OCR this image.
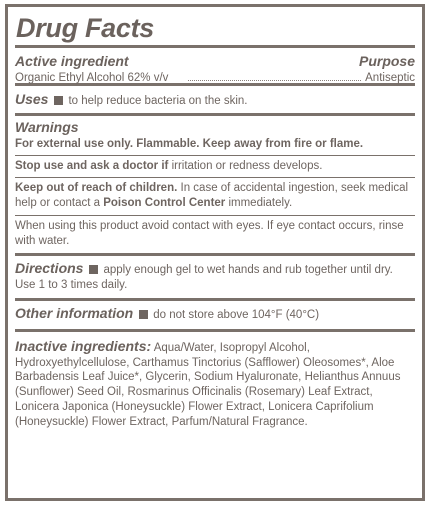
Drug Facts
Active ingredient	Purpose
Organic Ethyl Alcohol 62% v/v	Antiseptic
Uses to help reduce bacteria on the skin.
Warnings

For external use only. Flammable. Keep away from fire or flame.

Stop use and ask a doctor if irritation or redness develops.
Keep out of reach of children. In case of accidental ingestion, seek medical help or contact a Poison Control Center immediately.
When using this product avoid contact with eyes. If eye contact occurs, rinse with water.
Directions apply enough gel to wet hands and rub together until dry. Use 1 to 3 times daily.
Other information do not store above 104°F (40°C)
Inactive ingredients: Aqua/Water, Isopropyl Alcohol, Hydroxyethylcellulose, Carthamus Tinctorius (Safflower) Oleosomes*, Aloe Barbadensis Leaf Juice*, Glycerin, Sodium Hyaluronate, Helianthus Annuus (Sunflower) Seed Oil, Rosmarinus Officinalis (Rosemary) Leaf Extract, Lonicera Japonica (Honeysuckle) Flower Extract, Lonicera Caprifolium (Honeysuckle) Flower Extract, Parfum/Natural Fragrance.
